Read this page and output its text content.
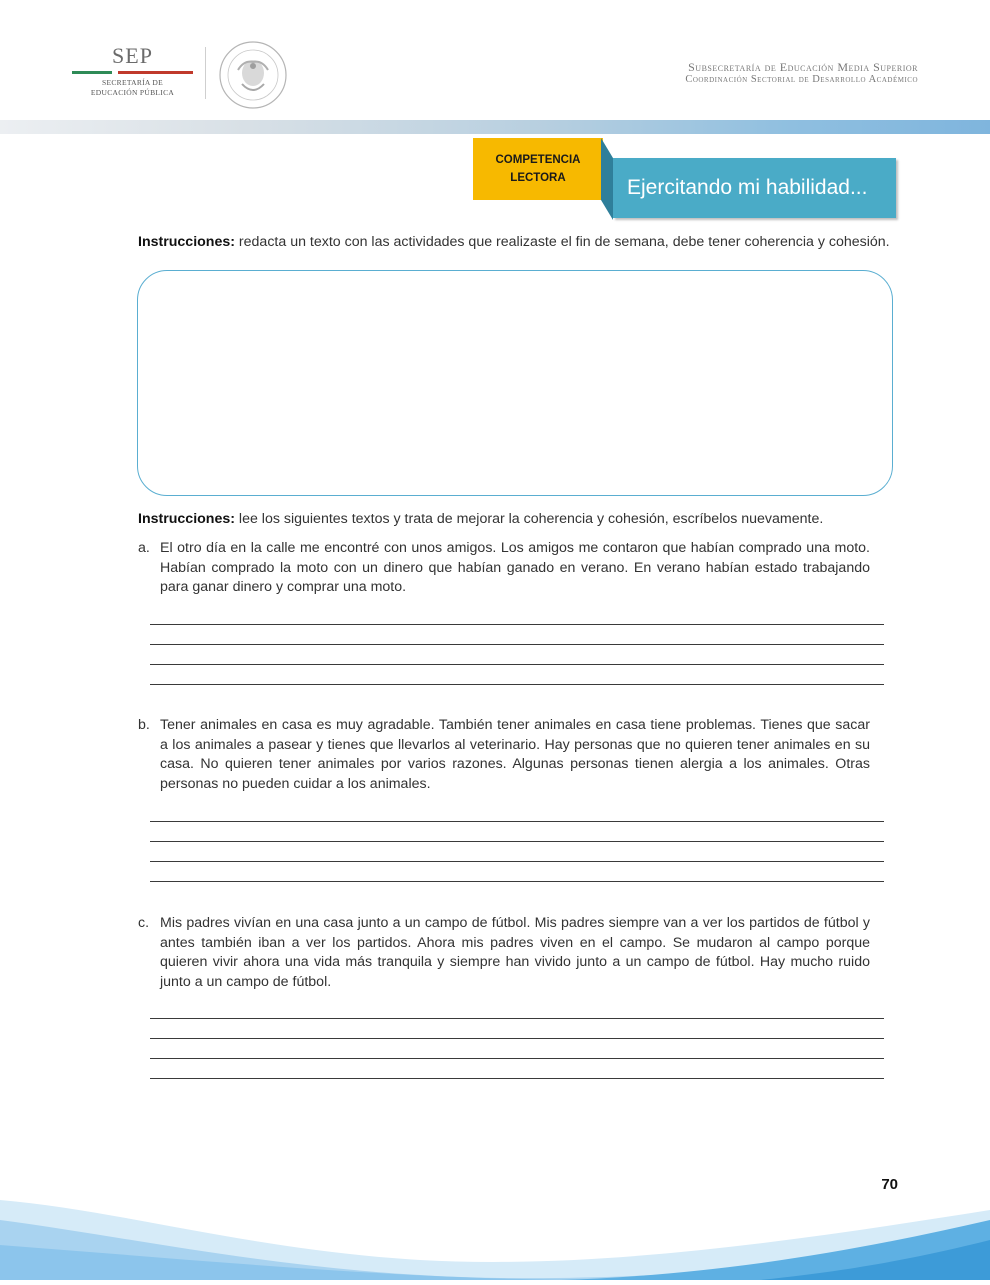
SEP
SECRETARÍA DE
EDUCACIÓN PÚBLICA
Subsecretaría de Educación Media Superior
Coordinación Sectorial de Desarrollo Académico
COMPETENCIA
LECTORA	Ejercitando mi habilidad...
Instrucciones: redacta un texto con las actividades que realizaste el fin de semana, debe tener coherencia y cohesión.
Instrucciones: lee los siguientes textos y trata de mejorar la coherencia y cohesión, escríbelos nuevamente.
a. El otro día en la calle me encontré con unos amigos. Los amigos me contaron que habían comprado una moto. Habían comprado la moto con un dinero que habían ganado en verano. En verano habían estado trabajando para ganar dinero y comprar una moto.
b. Tener animales en casa es muy agradable. También tener animales en casa tiene problemas. Tienes que sacar a los animales a pasear y tienes que llevarlos al veterinario. Hay personas que no quieren tener animales en su casa. No quieren tener animales por varios razones. Algunas personas tienen alergia a los animales. Otras personas no pueden cuidar a los animales.
c. Mis padres vivían en una casa junto a un campo de fútbol. Mis padres siempre van a ver los partidos de fútbol y antes también iban a ver los partidos. Ahora mis padres viven en el campo. Se mudaron al campo porque quieren vivir ahora una vida más tranquila y siempre han vivido junto a un campo de fútbol. Hay mucho ruido junto a un campo de fútbol.
70
